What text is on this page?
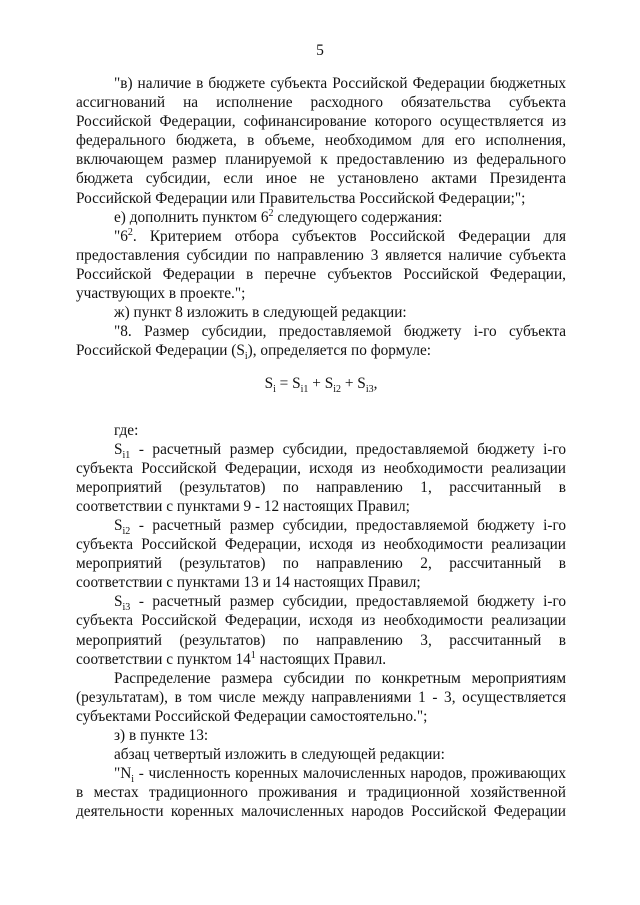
5

"в) наличие в бюджете субъекта Российской Федерации бюджетных ассигнований на исполнение расходного обязательства субъекта Российской Федерации, софинансирование которого осуществляется из федерального бюджета, в объеме, необходимом для его исполнения, включающем размер планируемой к предоставлению из федерального бюджета субсидии, если иное не установлено актами Президента Российской Федерации или Правительства Российской Федерации;";

е) дополнить пунктом $6^2$ следующего содержания:

"$6^2$. Критерием отбора субъектов Российской Федерации для предоставления субсидии по направлению 3 является наличие субъекта Российской Федерации в перечне субъектов Российской Федерации, участвующих в проекте.";

ж) пункт 8 изложить в следующей редакции:

"8. Размер субсидии, предоставляемой бюджету i-го субъекта Российской Федерации $(S_i)$, определяется по формуле:

$S_i = S_{i1} + S_{i2} + S_{i3}$,

где:

$S_{i1}$ - расчетный размер субсидии, предоставляемой бюджету i-го субъекта Российской Федерации, исходя из необходимости реализации мероприятий (результатов) по направлению 1, рассчитанный в соответствии с пунктами 9 - 12 настоящих Правил;

$S_{i2}$ - расчетный размер субсидии, предоставляемой бюджету i-го субъекта Российской Федерации, исходя из необходимости реализации мероприятий (результатов) по направлению 2, рассчитанный в соответствии с пунктами 13 и 14 настоящих Правил;

$S_{i3}$ - расчетный размер субсидии, предоставляемой бюджету i-го субъекта Российской Федерации, исходя из необходимости реализации мероприятий (результатов) по направлению 3, рассчитанный в соответствии с пунктом $14^1$ настоящих Правил.

Распределение размера субсидии по конкретным мероприятиям (результатам), в том числе между направлениями 1 - 3, осуществляется субъектами Российской Федерации самостоятельно.";

з) в пункте 13:

абзац четвертый изложить в следующей редакции:

"$N_i$ - численность коренных малочисленных народов, проживающих в местах традиционного проживания и традиционной хозяйственной деятельности коренных малочисленных народов Российской Федерации
